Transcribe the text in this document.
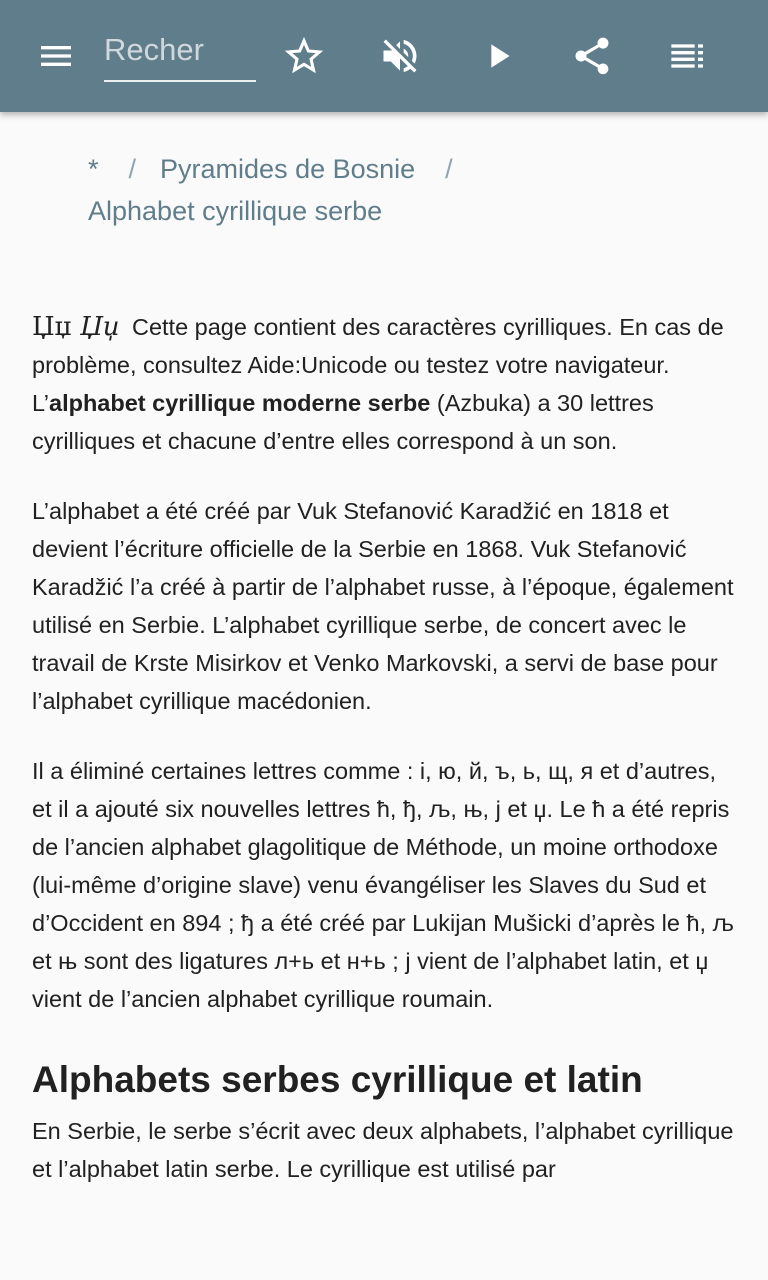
Recher
* / Pyramides de Bosnie /
Alphabet cyrillique serbe

Џџ Џџ Cette page contient des caractères cyrilliques. En cas de problème, consultez Aide:Unicode ou testez votre navigateur.

L’alphabet cyrillique moderne serbe (Azbuka) a 30 lettres cyrilliques et chacune d’entre elles correspond à un son.

L’alphabet a été créé par Vuk Stefanović Karadžić en 1818 et devient l’écriture officielle de la Serbie en 1868. Vuk Stefanović Karadžić l’a créé à partir de l’alphabet russe, à l’époque, également utilisé en Serbie. L’alphabet cyrillique serbe, de concert avec le travail de Krste Misirkov et Venko Markovski, a servi de base pour l’alphabet cyrillique macédonien.

Il a éliminé certaines lettres comme : і, ю, й, ъ, ь, щ, я et d’autres, et il a ajouté six nouvelles lettres ћ, ђ, љ, њ, ј et џ. Le ћ a été repris de l’ancien alphabet glagolitique de Méthode, un moine orthodoxe (lui-même d’origine slave) venu évangéliser les Slaves du Sud et d’Occident en 894 ; ђ a été créé par Lukijan Mušicki d’après le ћ, љ et њ sont des ligatures л+ь et н+ь ; ј vient de l’alphabet latin, et џ vient de l’ancien alphabet cyrillique roumain.

Alphabets serbes cyrillique et latin

En Serbie, le serbe s’écrit avec deux alphabets, l’alphabet cyrillique et l’alphabet latin serbe. Le cyrillique est utilisé par
